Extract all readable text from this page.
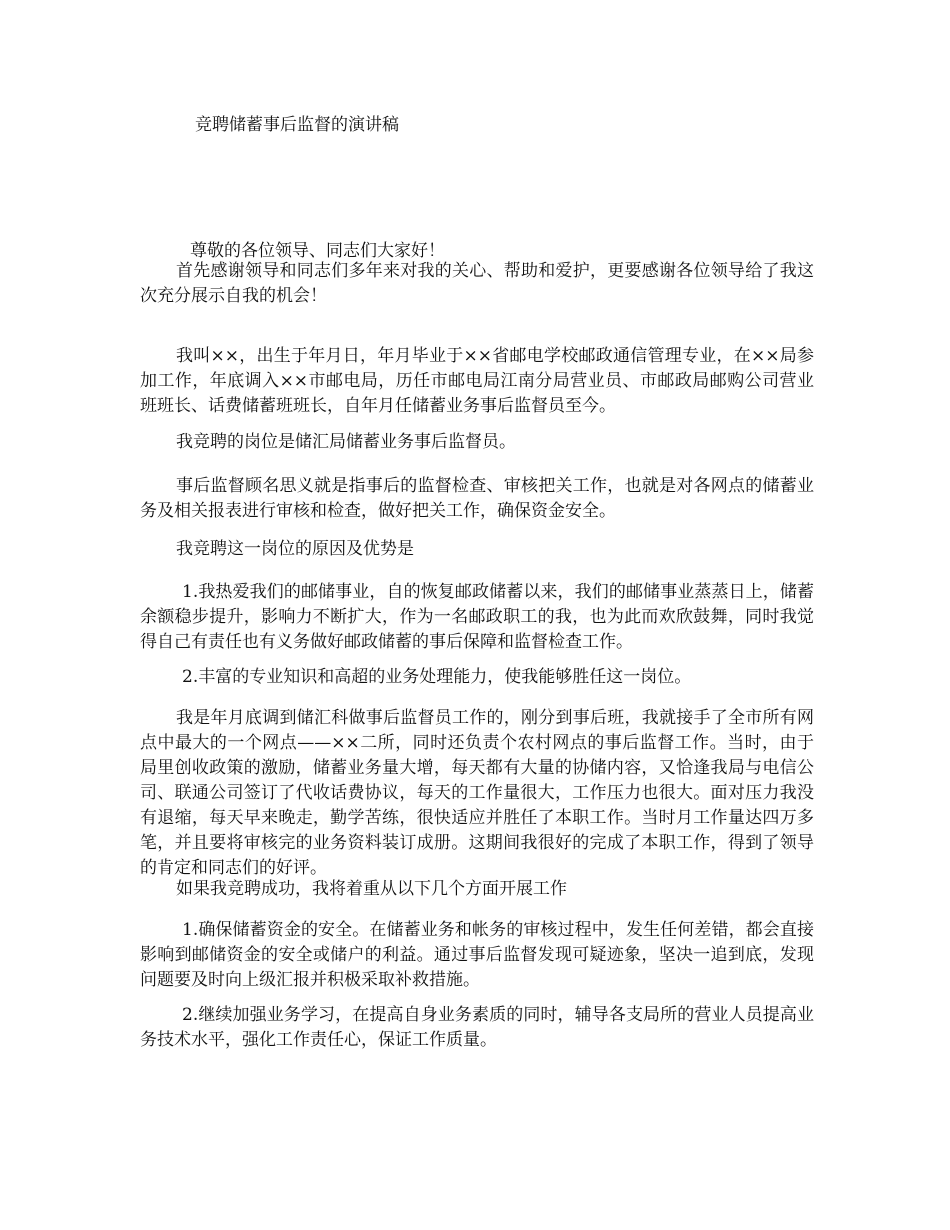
竞聘储蓄事后监督的演讲稿
尊敬的各位领导、同志们大家好！

首先感谢领导和同志们多年来对我的关心、帮助和爱护，更要感谢各位领导给了我这次充分展示自我的机会！

我叫××，出生于年月日，年月毕业于××省邮电学校邮政通信管理专业，在××局参加工作，年底调入××市邮电局，历任市邮电局江南分局营业员、市邮政局邮购公司营业班班长、话费储蓄班班长，自年月任储蓄业务事后监督员至今。

我竞聘的岗位是储汇局储蓄业务事后监督员。

事后监督顾名思义就是指事后的监督检查、审核把关工作，也就是对各网点的储蓄业务及相关报表进行审核和检查，做好把关工作，确保资金安全。

我竞聘这一岗位的原因及优势是

1.我热爱我们的邮储事业，自的恢复邮政储蓄以来，我们的邮储事业蒸蒸日上，储蓄余额稳步提升，影响力不断扩大，作为一名邮政职工的我，也为此而欢欣鼓舞，同时我觉得自己有责任也有义务做好邮政储蓄的事后保障和监督检查工作。

2.丰富的专业知识和高超的业务处理能力，使我能够胜任这一岗位。

我是年月底调到储汇科做事后监督员工作的，刚分到事后班，我就接手了全市所有网点中最大的一个网点——××二所，同时还负责个农村网点的事后监督工作。当时，由于局里创收政策的激励，储蓄业务量大增，每天都有大量的协储内容，又恰逢我局与电信公司、联通公司签订了代收话费协议，每天的工作量很大，工作压力也很大。面对压力我没有退缩，每天早来晚走，勤学苦练，很快适应并胜任了本职工作。当时月工作量达四万多笔，并且要将审核完的业务资料装订成册。这期间我很好的完成了本职工作，得到了领导的肯定和同志们的好评。

如果我竞聘成功，我将着重从以下几个方面开展工作

1.确保储蓄资金的安全。在储蓄业务和帐务的审核过程中，发生任何差错，都会直接影响到邮储资金的安全或储户的利益。通过事后监督发现可疑迹象，坚决一追到底，发现问题要及时向上级汇报并积极采取补救措施。

2.继续加强业务学习，在提高自身业务素质的同时，辅导各支局所的营业人员提高业务技术水平，强化工作责任心，保证工作质量。
